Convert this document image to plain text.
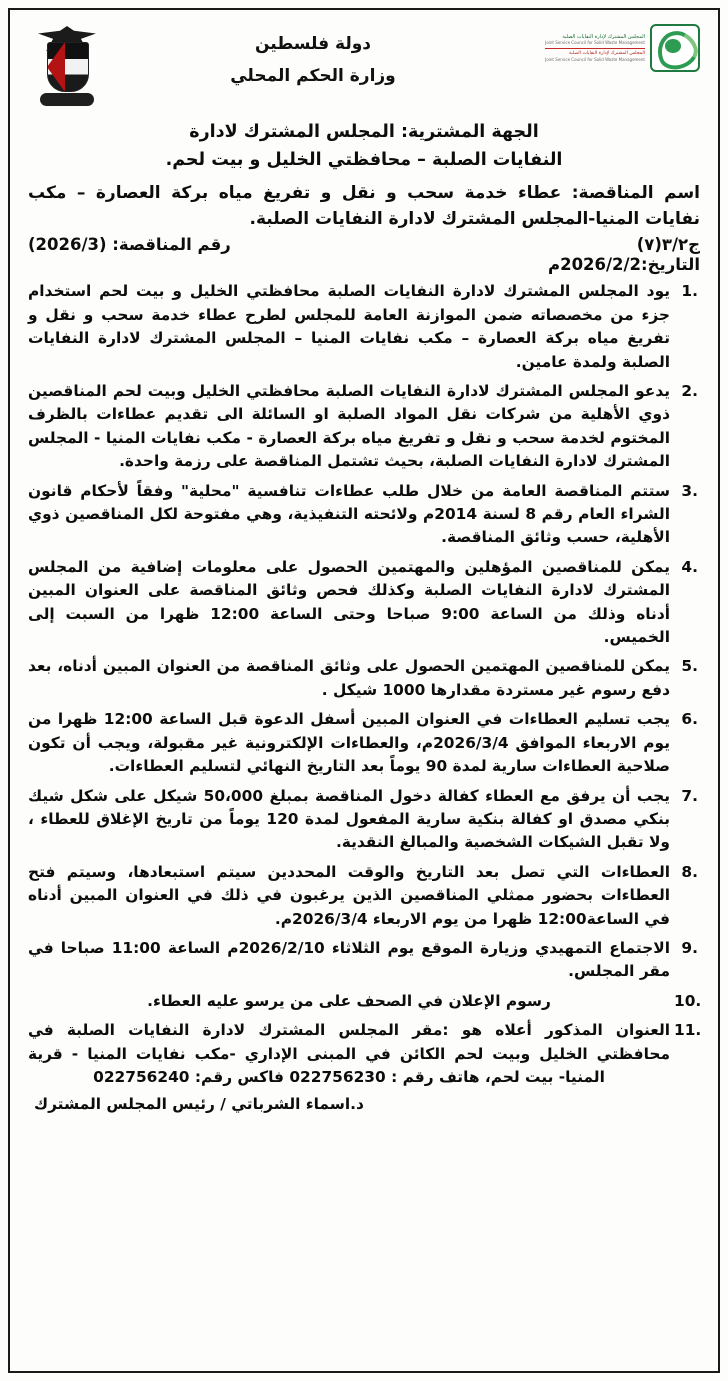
دولة فلسطين
وزارة الحكم المحلي
المجلس المشترك لإدارة النفايات الصلبة
Joint Service Council for Solid Waste Management
المجلس المشترك لإدارة النفايات الصلبة
Joint Service Council for Solid Waste Management
الجهة المشترية: المجلس المشترك لادارة
النفايات الصلبة – محافظتي الخليل و بيت لحم.
اسم المناقصة: عطاء خدمة سحب و نقل و تفريغ مياه بركة العصارة – مكب نفايات المنيا-المجلس المشترك لادارة النفايات الصلبة.
رقم المناقصة: (2026/3)	ج٣/٢(٧)
التاريخ:2026/2/2م
يود المجلس المشترك لادارة النفايات الصلبة محافظتي الخليل و بيت لحم استخدام جزء من مخصصاته ضمن الموازنة العامة للمجلس لطرح عطاء خدمة سحب و نقل و تفريغ مياه بركة العصارة – مكب نفايات المنيا – المجلس المشترك لادارة النفايات الصلبة ولمدة عامين.
يدعو المجلس المشترك لادارة النفايات الصلبة محافظتي الخليل وبيت لحم المناقصين ذوي الأهلية من شركات نقل المواد الصلبة او السائلة الى تقديم عطاءات بالظرف المختوم لخدمة سحب و نقل و تفريغ مياه بركة العصارة - مكب نفايات المنيا - المجلس المشترك لادارة النفايات الصلبة، بحيث تشتمل المناقصة على رزمة واحدة.
ستتم المناقصة العامة من خلال طلب عطاءات تنافسية "محلية" وفقاً لأحكام قانون الشراء العام رقم 8 لسنة 2014م ولائحته التنفيذية، وهي مفتوحة لكل المناقصين ذوي الأهلية، حسب وثائق المناقصة.
يمكن للمناقصين المؤهلين والمهتمين الحصول على معلومات إضافية من المجلس المشترك لادارة النفايات الصلبة وكذلك فحص وثائق المناقصة على العنوان المبين أدناه وذلك من الساعة 9:00 صباحا وحتى الساعة 12:00 ظهرا من السبت إلى الخميس.
يمكن للمناقصين المهتمين الحصول على وثائق المناقصة من العنوان المبين أدناه، بعد دفع رسوم غير مستردة مقدارها 1000 شيكل .
يجب تسليم العطاءات في العنوان المبين أسفل الدعوة قبل الساعة 12:00 ظهرا من يوم الاربعاء الموافق 2026/3/4م، والعطاءات الإلكترونية غير مقبولة، ويجب أن تكون صلاحية العطاءات سارية لمدة 90 يوماً بعد التاريخ النهائي لتسليم العطاءات.
يجب أن يرفق مع العطاء كفالة دخول المناقصة بمبلغ 50،000 شيكل على شكل شيك بنكي مصدق او كفالة بنكية سارية المفعول لمدة 120 يوماً من تاريخ الإغلاق للعطاء ، ولا تقبل الشيكات الشخصية والمبالغ النقدية.
العطاءات التي تصل بعد التاريخ والوقت المحددين سيتم استبعادها، وسيتم فتح العطاءات بحضور ممثلي المناقصين الذين يرغبون في ذلك في العنوان المبين أدناه في الساعة12:00 ظهرا من يوم الاربعاء 2026/3/4م.
الاجتماع التمهيدي وزيارة الموقع يوم الثلاثاء 2026/2/10م الساعة 11:00 صباحا في مقر المجلس.
رسوم الإعلان في الصحف على من يرسو عليه العطاء.
العنوان المذكور أعلاه هو :مقر المجلس المشترك لادارة النفايات الصلبة في محافظتي الخليل وبيت لحم الكائن في المبنى الإداري -مكب نفايات المنيا - قرية المنيا- بيت لحم، هاتف رقم : 022756230 فاكس رقم: 022756240
د.اسماء الشرباتي / رئيس المجلس المشترك
